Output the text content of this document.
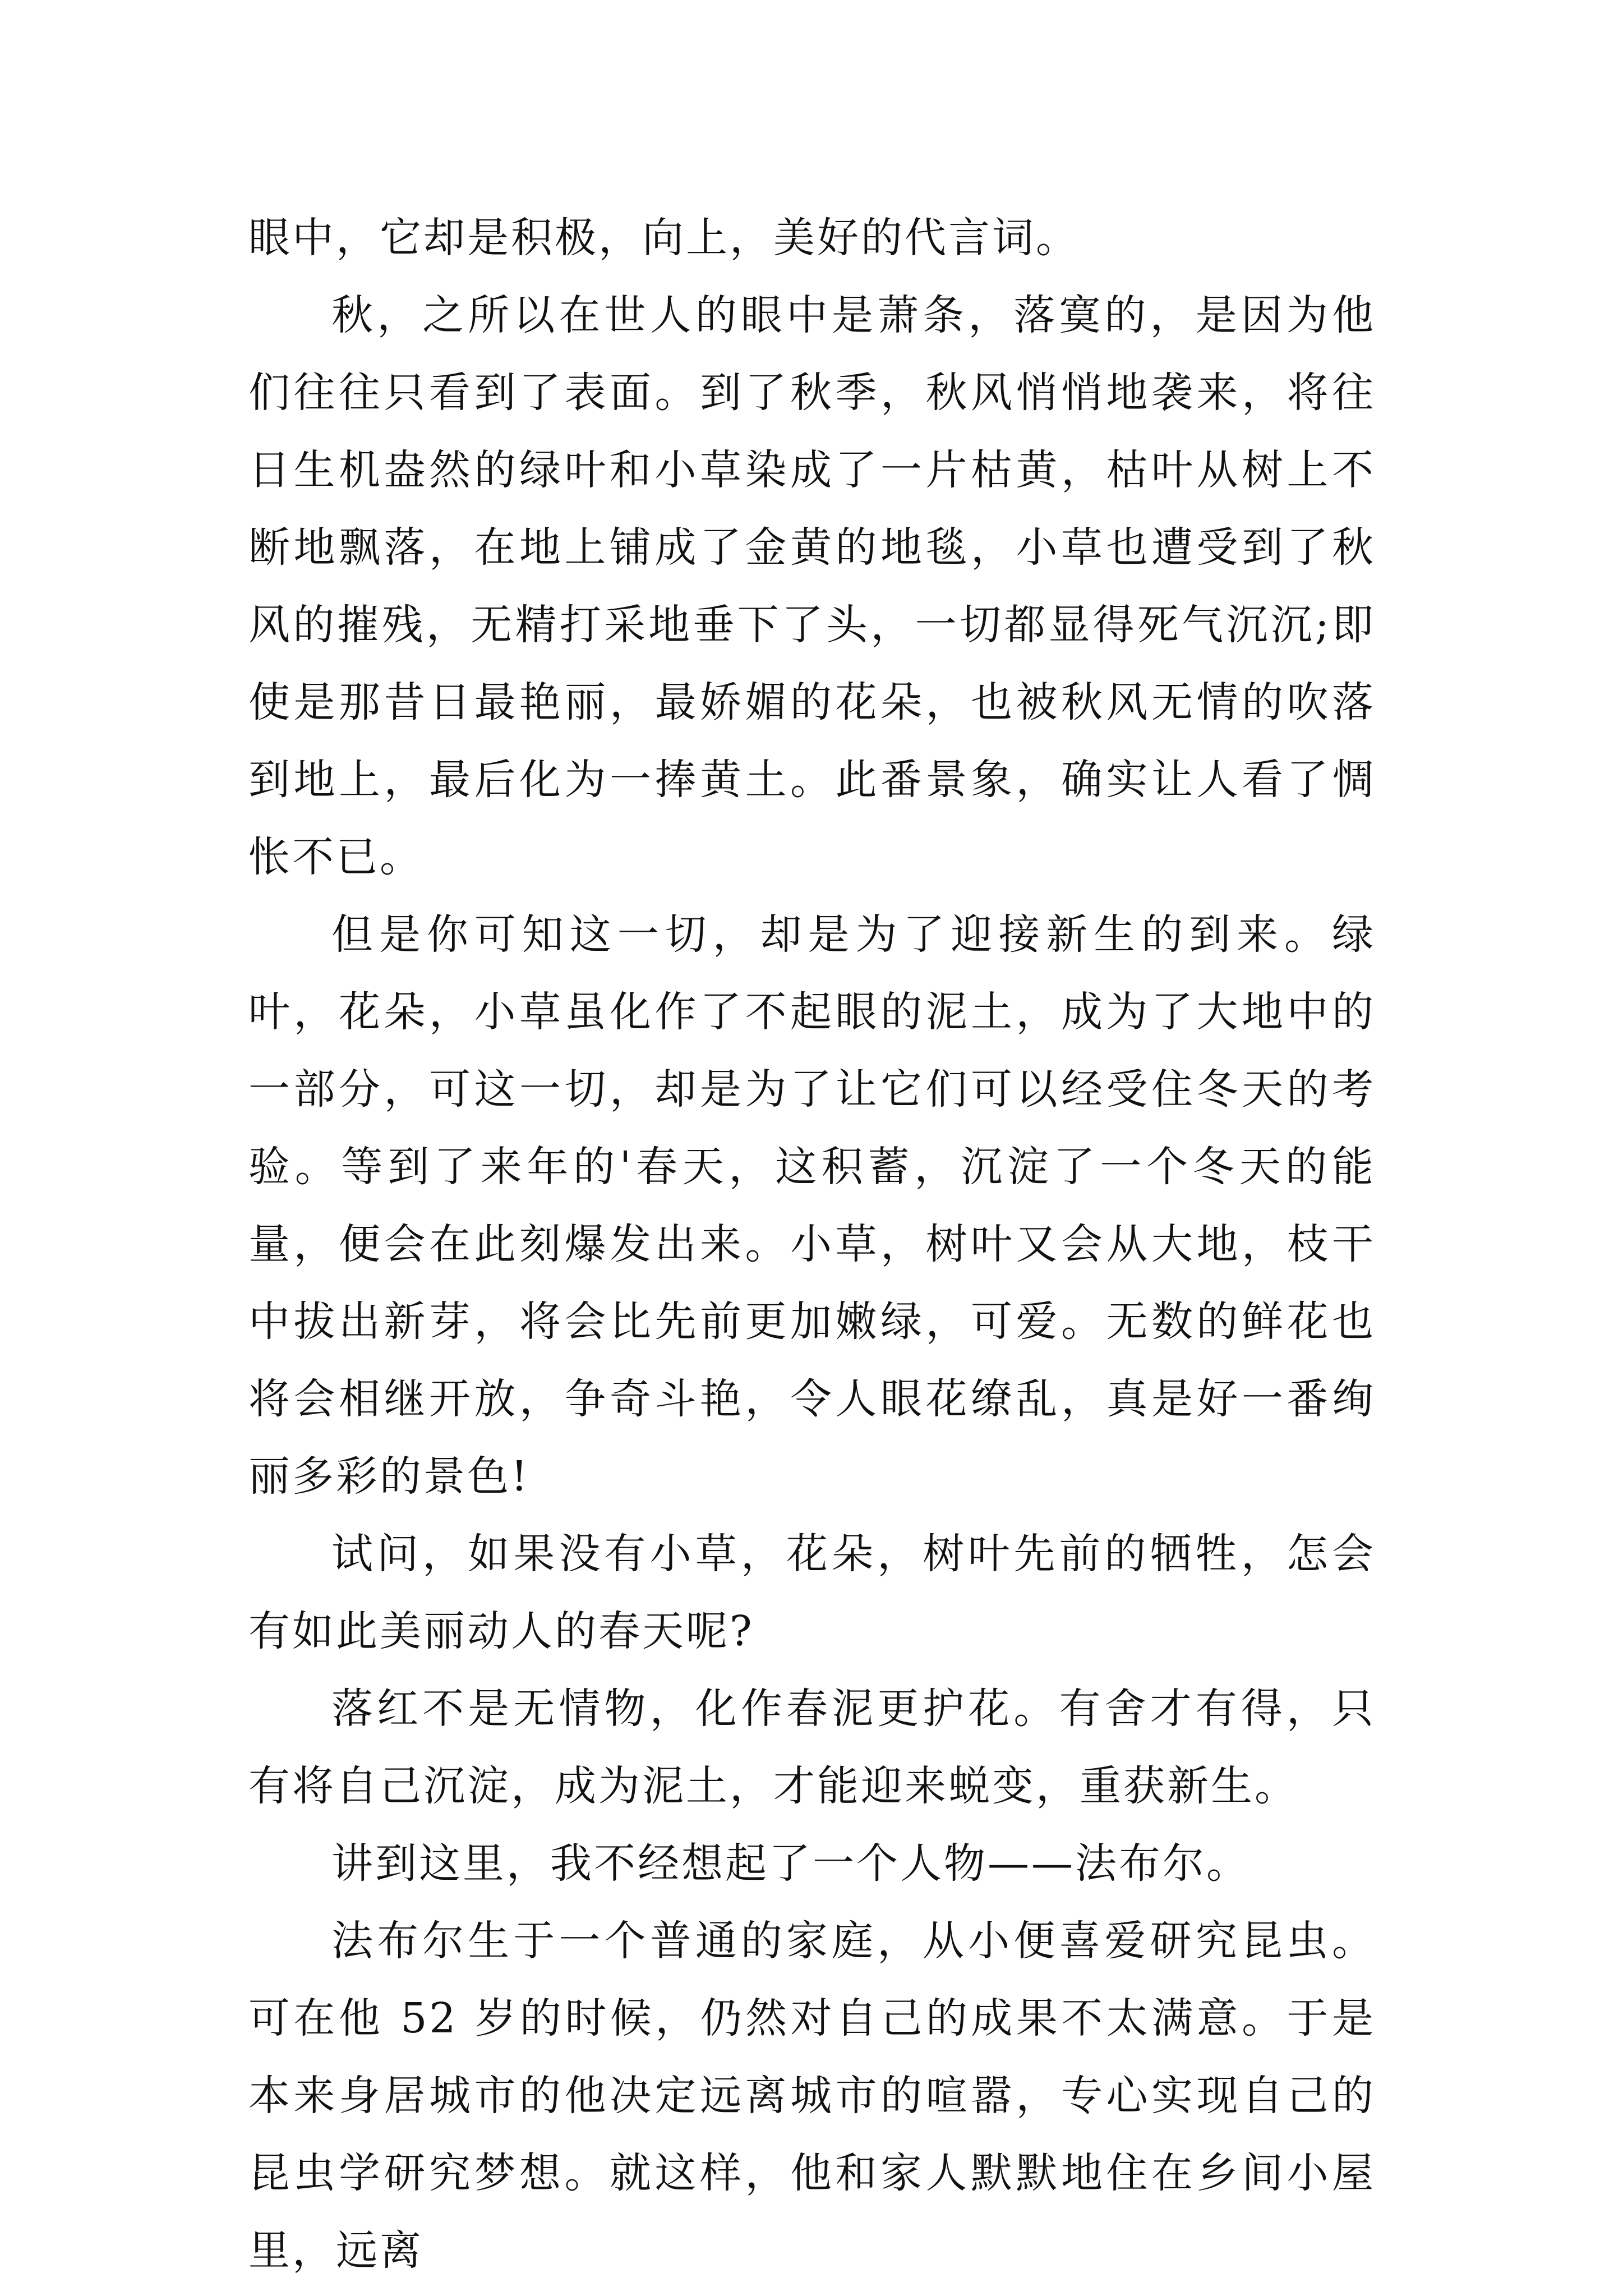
眼中，它却是积极，向上，美好的代言词。

秋，之所以在世人的眼中是萧条，落寞的，是因为他们往往只看到了表面。到了秋季，秋风悄悄地袭来，将往日生机盎然的绿叶和小草染成了一片枯黄，枯叶从树上不断地飘落，在地上铺成了金黄的地毯，小草也遭受到了秋风的摧残，无精打采地垂下了头，一切都显得死气沉沉;即使是那昔日最艳丽，最娇媚的花朵，也被秋风无情的吹落到地上，最后化为一捧黄土。此番景象，确实让人看了惆怅不已。

但是你可知这一切，却是为了迎接新生的到来。绿叶，花朵，小草虽化作了不起眼的泥土，成为了大地中的一部分，可这一切，却是为了让它们可以经受住冬天的考验。等到了来年的'春天，这积蓄，沉淀了一个冬天的能量，便会在此刻爆发出来。小草，树叶又会从大地，枝干中拔出新芽，将会比先前更加嫩绿，可爱。无数的鲜花也将会相继开放，争奇斗艳，令人眼花缭乱，真是好一番绚丽多彩的景色!

试问，如果没有小草，花朵，树叶先前的牺牲，怎会有如此美丽动人的春天呢?

落红不是无情物，化作春泥更护花。有舍才有得，只有将自己沉淀，成为泥土，才能迎来蜕变，重获新生。

讲到这里，我不经想起了一个人物——法布尔。

法布尔生于一个普通的家庭，从小便喜爱研究昆虫。可在他 52 岁的时候，仍然对自己的成果不太满意。于是本来身居城市的他决定远离城市的喧嚣，专心实现自己的昆虫学研究梦想。就这样，他和家人默默地住在乡间小屋里，远离
